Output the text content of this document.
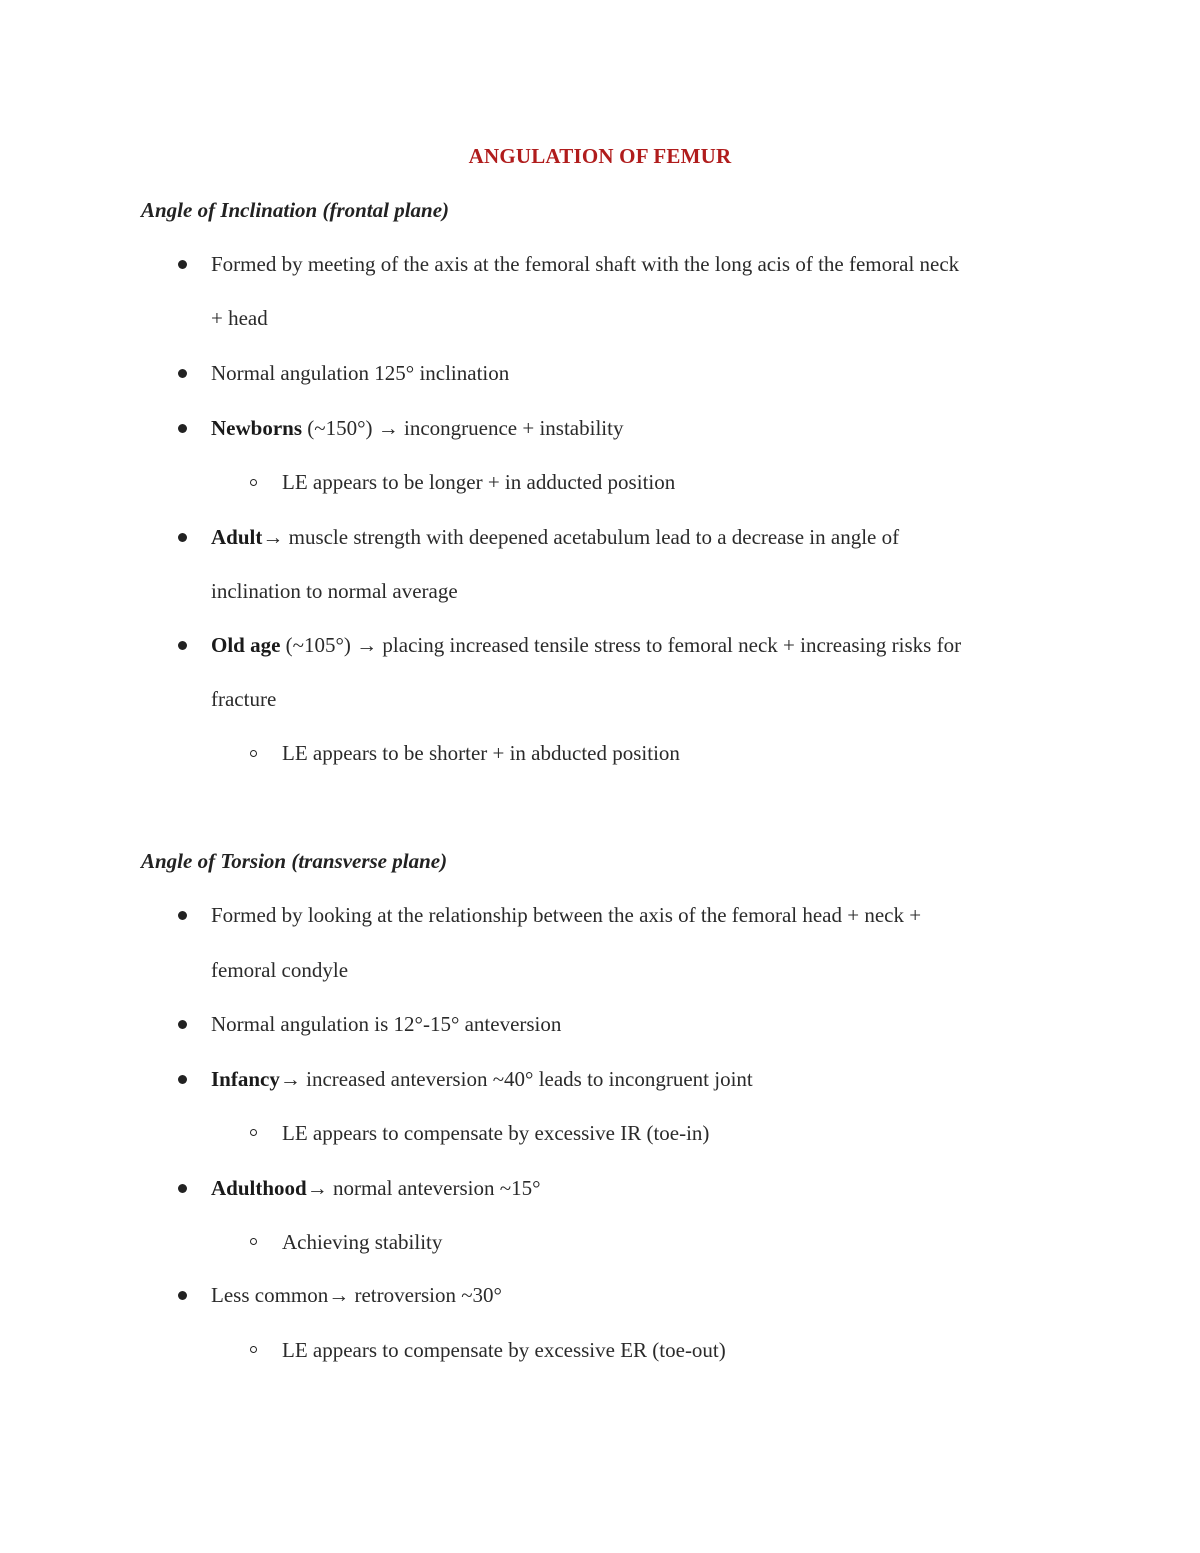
ANGULATION OF FEMUR
Angle of Inclination (frontal plane)
Formed by meeting of the axis at the femoral shaft with the long acis of the femoral neck
+ head
Normal angulation 125° inclination
Newborns (~150°) → incongruence + instability
LE appears to be longer + in adducted position
Adult→ muscle strength with deepened acetabulum lead to a decrease in angle of
inclination to normal average
Old age (~105°) → placing increased tensile stress to femoral neck + increasing risks for
fracture
LE appears to be shorter + in abducted position
Angle of Torsion (transverse plane)
Formed by looking at the relationship between the axis of the femoral head + neck +
femoral condyle
Normal angulation is 12°-15° anteversion
Infancy→ increased anteversion ~40° leads to incongruent joint
LE appears to compensate by excessive IR (toe-in)
Adulthood→ normal anteversion ~15°
Achieving stability
Less common→ retroversion ~30°
LE appears to compensate by excessive ER (toe-out)
